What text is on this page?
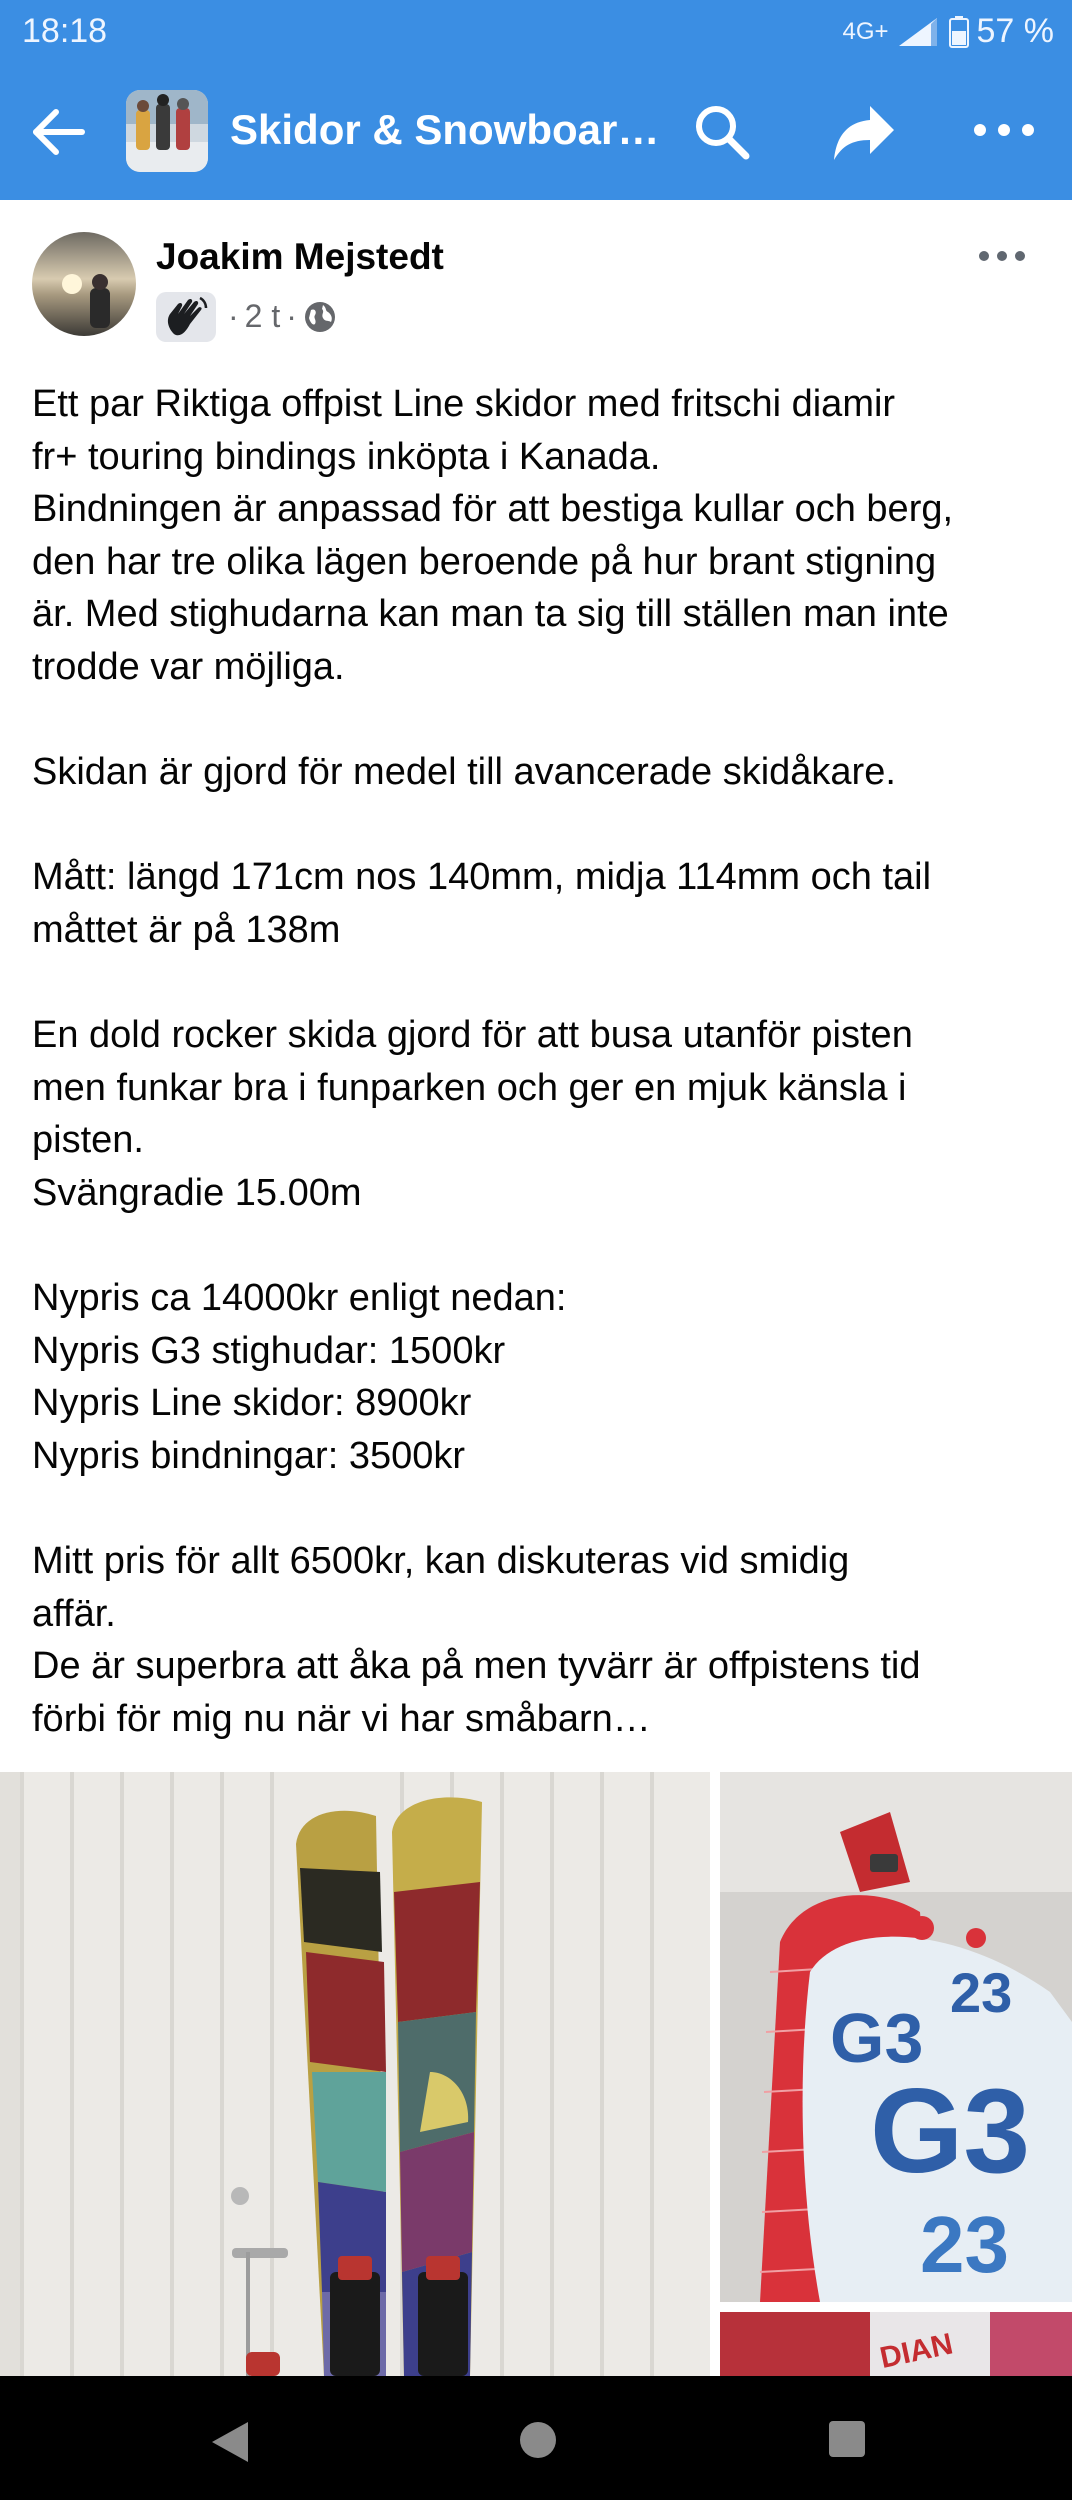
18:18	4G+	57 %
Skidor & Snowboar…
Joakim Mejstedt
· 2 t ·

Ett par Riktiga offpist Line skidor med fritschi diamir

fr+ touring bindings inköpta i Kanada.

Bindningen är anpassad för att bestiga kullar och berg,

den har tre olika lägen beroende på hur brant stigning

är. Med stighudarna kan man ta sig till ställen man inte

trodde var möjliga.

Skidan är gjord för medel till avancerade skidåkare.

Mått: längd 171cm nos 140mm, midja 114mm och tail

måttet är på 138m

En dold rocker skida gjord för att busa utanför pisten

men funkar bra i funparken och ger en mjuk känsla i

pisten.

Svängradie 15.00m

Nypris ca 14000kr enligt nedan:

Nypris G3 stighudar: 1500kr

Nypris Line skidor: 8900kr

Nypris bindningar: 3500kr

Mitt pris för allt 6500kr, kan diskuteras vid smidig

affär.

De är superbra att åka på men tyvärr är offpistens tid

förbi för mig nu när vi har småbarn…

G3
23
G3
23
DIAN
